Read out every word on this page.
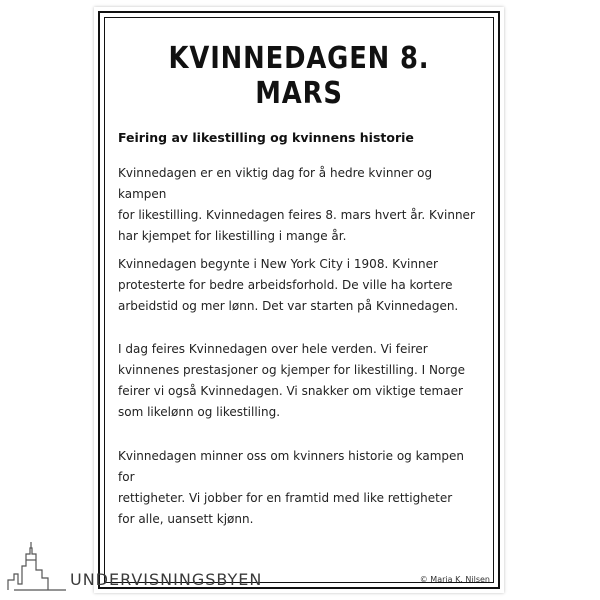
KVINNEDAGEN 8. MARS
Feiring av likestilling og kvinnens historie
Kvinnedagen er en viktig dag for å hedre kvinner og kampen
for likestilling. Kvinnedagen feires 8. mars hvert år. Kvinner
har kjempet for likestilling i mange år.
Kvinnedagen begynte i New York City i 1908. Kvinner
protesterte for bedre arbeidsforhold. De ville ha kortere
arbeidstid og mer lønn. Det var starten på Kvinnedagen.
I dag feires Kvinnedagen over hele verden. Vi feirer
kvinnenes prestasjoner og kjemper for likestilling. I Norge
feirer vi også Kvinnedagen. Vi snakker om viktige temaer
som likelønn og likestilling.
Kvinnedagen minner oss om kvinners historie og kampen for
rettigheter. Vi jobber for en framtid med like rettigheter
for alle, uansett kjønn.
© Maria K. Nilsen
UNDERVISNINGSBYEN
